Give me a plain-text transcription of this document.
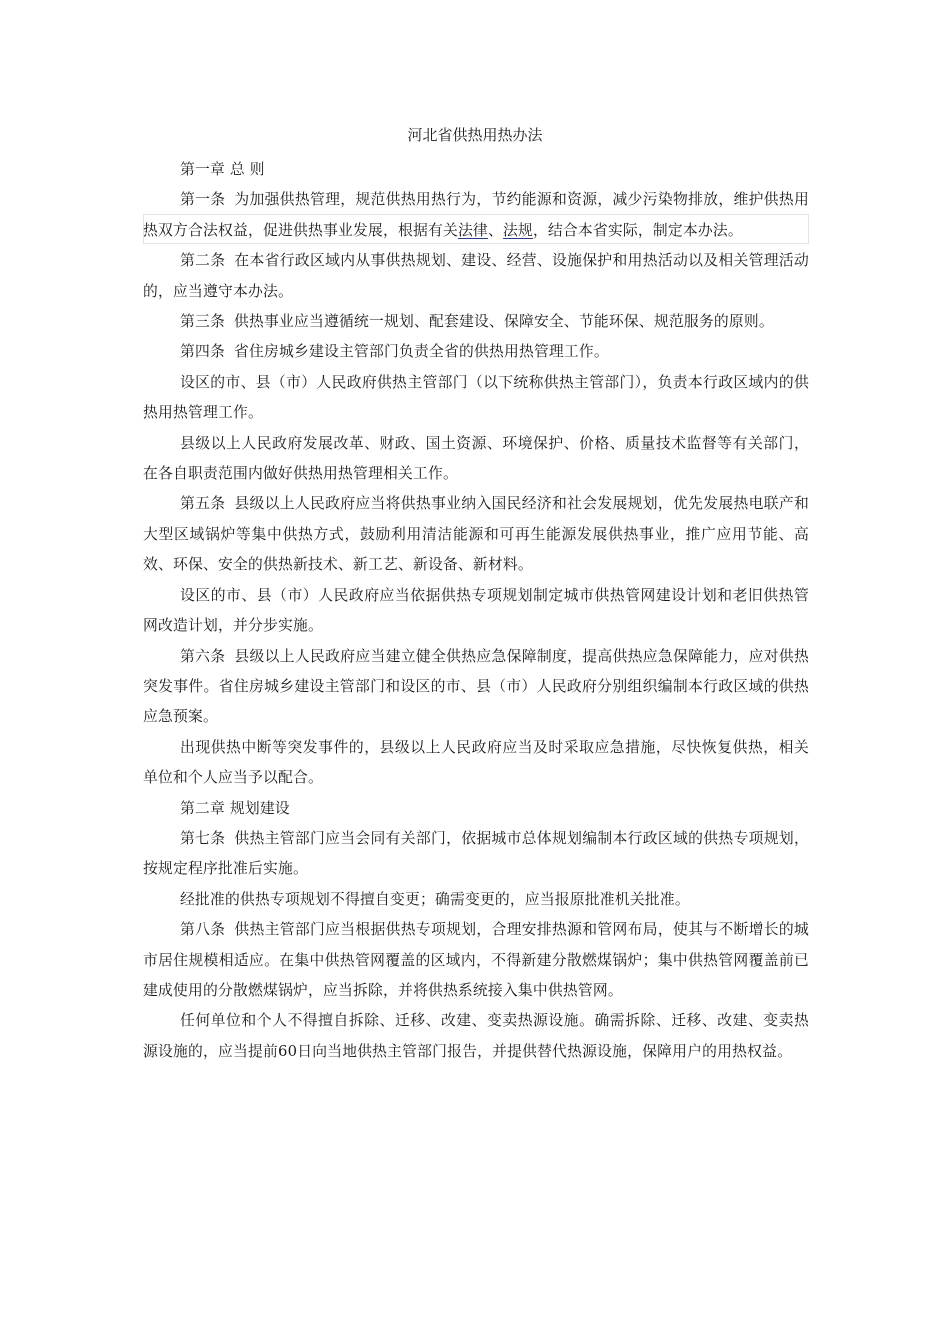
河北省供热用热办法

第一章 总 则

第一条 为加强供热管理，规范供热用热行为，节约能源和资源，减少污染物排放，维护供热用热双方合法权益，促进供热事业发展，根据有关法律、法规，结合本省实际，制定本办法。

第二条 在本省行政区域内从事供热规划、建设、经营、设施保护和用热活动以及相关管理活动的，应当遵守本办法。

第三条 供热事业应当遵循统一规划、配套建设、保障安全、节能环保、规范服务的原则。

第四条 省住房城乡建设主管部门负责全省的供热用热管理工作。

设区的市、县（市）人民政府供热主管部门（以下统称供热主管部门），负责本行政区域内的供热用热管理工作。

县级以上人民政府发展改革、财政、国土资源、环境保护、价格、质量技术监督等有关部门，在各自职责范围内做好供热用热管理相关工作。

第五条 县级以上人民政府应当将供热事业纳入国民经济和社会发展规划，优先发展热电联产和大型区域锅炉等集中供热方式，鼓励利用清洁能源和可再生能源发展供热事业，推广应用节能、高效、环保、安全的供热新技术、新工艺、新设备、新材料。

设区的市、县（市）人民政府应当依据供热专项规划制定城市供热管网建设计划和老旧供热管网改造计划，并分步实施。

第六条 县级以上人民政府应当建立健全供热应急保障制度，提高供热应急保障能力，应对供热突发事件。省住房城乡建设主管部门和设区的市、县（市）人民政府分别组织编制本行政区域的供热应急预案。

出现供热中断等突发事件的，县级以上人民政府应当及时采取应急措施，尽快恢复供热，相关单位和个人应当予以配合。

第二章 规划建设

第七条 供热主管部门应当会同有关部门，依据城市总体规划编制本行政区域的供热专项规划，按规定程序批准后实施。

经批准的供热专项规划不得擅自变更；确需变更的，应当报原批准机关批准。

第八条 供热主管部门应当根据供热专项规划，合理安排热源和管网布局，使其与不断增长的城市居住规模相适应。在集中供热管网覆盖的区域内，不得新建分散燃煤锅炉；集中供热管网覆盖前已建成使用的分散燃煤锅炉，应当拆除，并将供热系统接入集中供热管网。

任何单位和个人不得擅自拆除、迁移、改建、变卖热源设施。确需拆除、迁移、改建、变卖热源设施的，应当提前60日向当地供热主管部门报告，并提供替代热源设施，保障用户的用热权益。
